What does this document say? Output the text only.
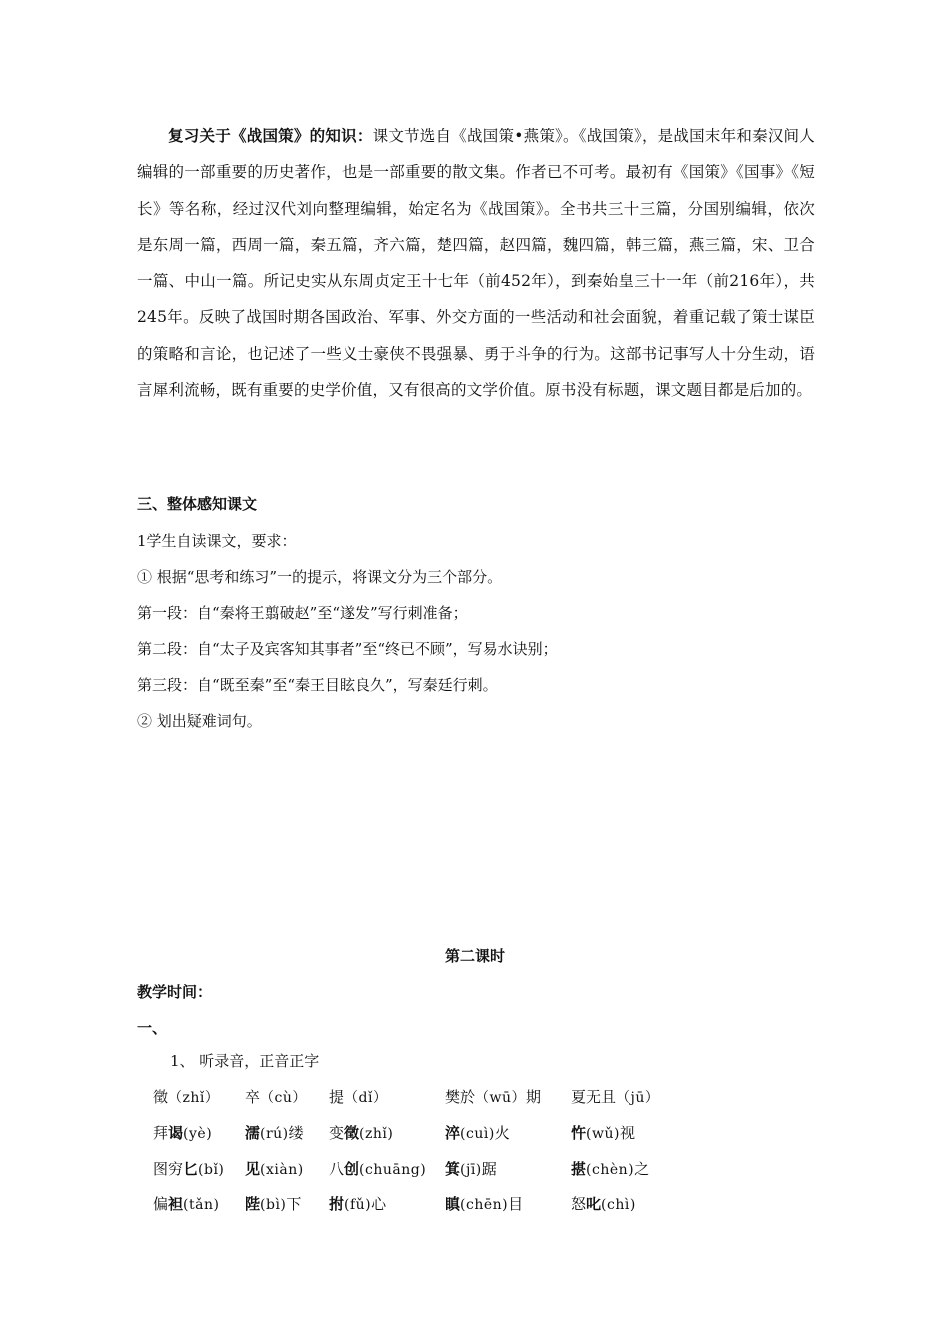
复习关于《战国策》的知识：课文节选自《战国策•燕策》。《战国策》，是战国末年和秦汉间人编辑的一部重要的历史著作，也是一部重要的散文集。作者已不可考。最初有《国策》《国事》《短长》等名称，经过汉代刘向整理编辑，始定名为《战国策》。全书共三十三篇，分国别编辑，依次是东周一篇，西周一篇，秦五篇，齐六篇，楚四篇，赵四篇，魏四篇，韩三篇，燕三篇，宋、卫合一篇、中山一篇。所记史实从东周贞定王十七年（前452年），到秦始皇三十一年（前216年），共245年。反映了战国时期各国政治、军事、外交方面的一些活动和社会面貌，着重记载了策士谋臣的策略和言论，也记述了一些义士豪侠不畏强暴、勇于斗争的行为。这部书记事写人十分生动，语言犀利流畅，既有重要的史学价值，又有很高的文学价值。原书没有标题，课文题目都是后加的。
三、整体感知课文
1学生自读课文，要求：
① 根据“思考和练习”一的提示，将课文分为三个部分。
第一段：自“秦将王翦破赵”至“遂发”写行刺准备；
第二段：自“太子及宾客知其事者”至“终已不顾”，写易水诀别；
第三段：自“既至秦”至“秦王目眩良久”，写秦廷行刺。
② 划出疑难词句。
第二课时
教学时间：
一、
1、 听录音，正音正字
徵（zhǐ） 卒（cù） 提（dǐ）	樊於（wū）期 夏无且（jū）
拜谒(yè) 濡(rú)缕 变徵(zhǐ)	淬(cuì)火	忤(wǔ)视
图穷匕(bǐ) 见(xiàn) 八创(chuāng) 箕(jī)踞	揕(chèn)之
偏袒(tǎn) 陛(bì)下 拊(fǔ)心	瞋(chēn)目	怒叱(chì)
